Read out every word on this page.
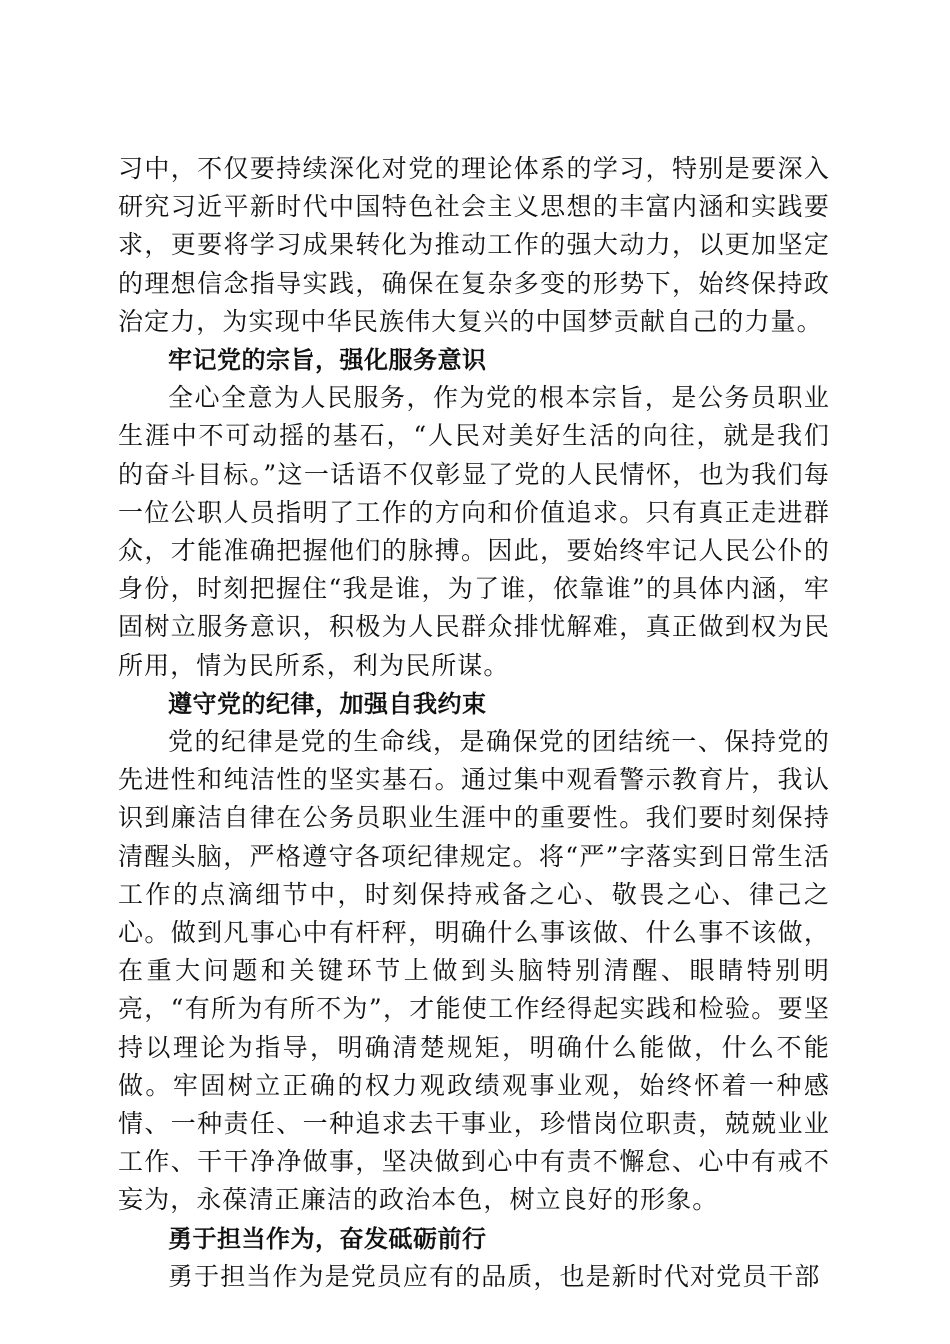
习中，不仅要持续深化对党的理论体系的学习，特别是要深入研究习近平新时代中国特色社会主义思想的丰富内涵和实践要求，更要将学习成果转化为推动工作的强大动力，以更加坚定的理想信念指导实践，确保在复杂多变的形势下，始终保持政治定力，为实现中华民族伟大复兴的中国梦贡献自己的力量。

牢记党的宗旨，强化服务意识

全心全意为人民服务，作为党的根本宗旨，是公务员职业生涯中不可动摇的基石，“人民对美好生活的向往，就是我们的奋斗目标。”这一话语不仅彰显了党的人民情怀，也为我们每一位公职人员指明了工作的方向和价值追求。只有真正走进群众，才能准确把握他们的脉搏。因此，要始终牢记人民公仆的身份，时刻把握住“我是谁，为了谁，依靠谁”的具体内涵，牢固树立服务意识，积极为人民群众排忧解难，真正做到权为民所用，情为民所系，利为民所谋。

遵守党的纪律，加强自我约束

党的纪律是党的生命线，是确保党的团结统一、保持党的先进性和纯洁性的坚实基石。通过集中观看警示教育片，我认识到廉洁自律在公务员职业生涯中的重要性。我们要时刻保持清醒头脑，严格遵守各项纪律规定。将“严”字落实到日常生活工作的点滴细节中，时刻保持戒备之心、敬畏之心、律己之心。做到凡事心中有杆秤，明确什么事该做、什么事不该做，在重大问题和关键环节上做到头脑特别清醒、眼睛特别明亮，“有所为有所不为”，才能使工作经得起实践和检验。要坚持以理论为指导，明确清楚规矩，明确什么能做，什么不能做。牢固树立正确的权力观政绩观事业观，始终怀着一种感情、一种责任、一种追求去干事业，珍惜岗位职责，兢兢业业工作、干干净净做事，坚决做到心中有责不懈怠、心中有戒不妄为，永葆清正廉洁的政治本色，树立良好的形象。

勇于担当作为，奋发砥砺前行

勇于担当作为是党员应有的品质，也是新时代对党员干部
